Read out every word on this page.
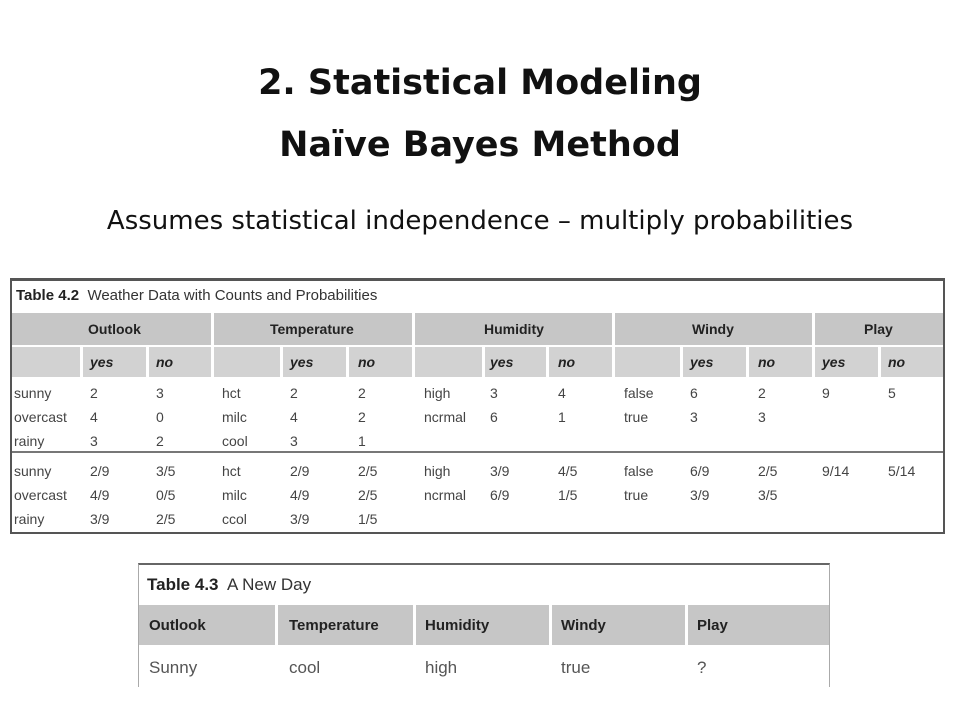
2. Statistical Modeling
Naïve Bayes Method
Assumes statistical independence – multiply probabilities
Table 4.2 Weather Data with Counts and Probabilities
Outlook	Temperature	Humidity	Windy	Play
yes	no	yes	no	yes	no	yes	no	yes	no
sunny	2	3	hct	2	2	high	3	4	false	6	2	9	5
overcast 4	0	milc	4	2	ncrmal 6	1	true	3	3
rainy	3	2	cool	3	1
sunny	2/9	3/5	hct	2/9	2/5	high	3/9	4/5	false	6/9	2/5	9/14	5/14
overcast 4/9	0/5	milc	4/9	2/5	ncrmal 6/9	1/5	true	3/9	3/5
rainy	3/9	2/5	ccol	3/9	1/5
Table 4.3 A New Day
Outlook	Temperature	Humidity	Windy	Play
Sunny	cool	high	true	?
